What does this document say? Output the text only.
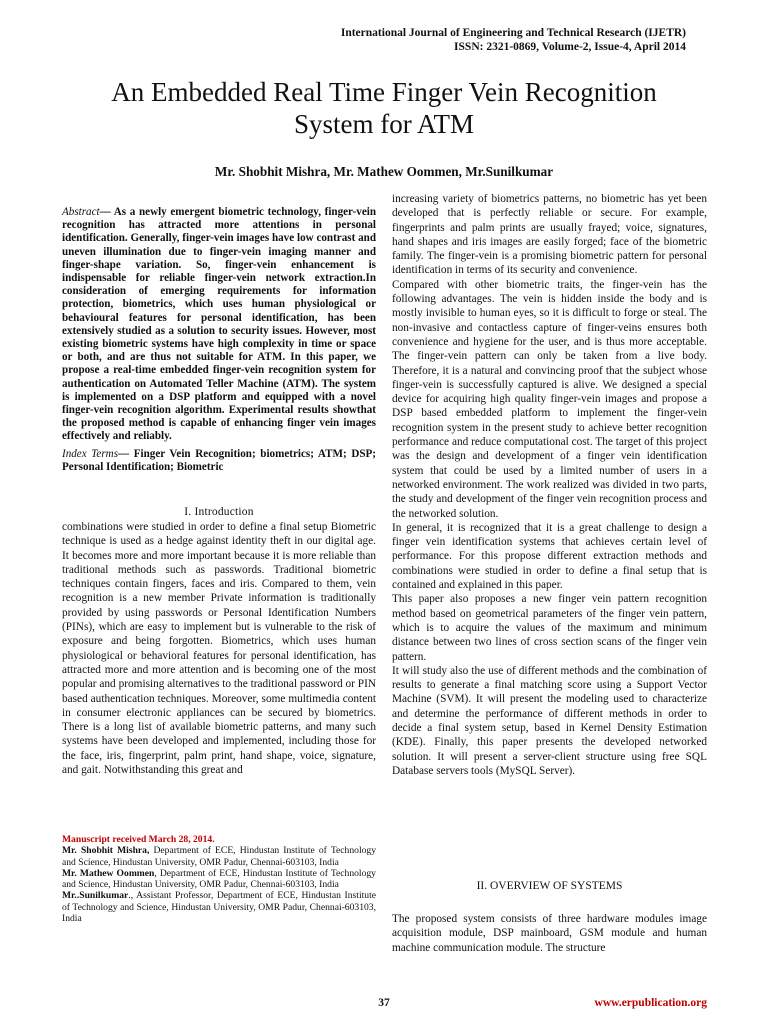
International Journal of Engineering and Technical Research (IJETR)
ISSN: 2321-0869, Volume-2, Issue-4, April 2014
An Embedded Real Time Finger Vein Recognition
System for ATM
Mr. Shobhit Mishra, Mr. Mathew Oommen, Mr.Sunilkumar
Abstract— As a newly emergent biometric technology, finger-vein recognition has attracted more attentions in personal identification. Generally, finger-vein images have low contrast and uneven illumination due to finger-vein imaging manner and finger-shape variation. So, finger-vein enhancement is indispensable for reliable finger-vein network extraction.In consideration of emerging requirements for information protection, biometrics, which uses human physiological or behavioural features for personal identification, has been extensively studied as a solution to security issues. However, most existing biometric systems have high complexity in time or space or both, and are thus not suitable for ATM. In this paper, we propose a real-time embedded finger-vein recognition system for authentication on Automated Teller Machine (ATM). The system is implemented on a DSP platform and equipped with a novel finger-vein recognition algorithm. Experimental results showthat the proposed method is capable of enhancing finger vein images effectively and reliably.
Index Terms— Finger Vein Recognition; biometrics; ATM; DSP; Personal Identification; Biometric
I. Introduction

combinations were studied in order to define a final setup Biometric technique is used as a hedge against identity theft in our digital age. It becomes more and more important because it is more reliable than traditional methods such as passwords. Traditional biometric techniques contain fingers, faces and iris. Compared to them, vein recognition is a new member Private information is traditionally provided by using passwords or Personal Identification Numbers (PINs), which are easy to implement but is vulnerable to the risk of exposure and being forgotten. Biometrics, which uses human physiological or behavioral features for personal identification, has attracted more and more attention and is becoming one of the most popular and promising alternatives to the traditional password or PIN based authentication techniques. Moreover, some multimedia content in consumer electronic appliances can be secured by biometrics. There is a long list of available biometric patterns, and many such systems have been developed and implemented, including those for the face, iris, fingerprint, palm print, hand shape, voice, signature, and gait. Notwithstanding this great and

Manuscript received March 28, 2014.

Mr. Shobhit Mishra, Department of ECE, Hindustan Institute of Technology and Science, Hindustan University, OMR Padur, Chennai-603103, India

Mr. Mathew Oommen, Department of ECE, Hindustan Institute of Technology and Science, Hindustan University, OMR Padur, Chennai-603103, India

Mr..Sunilkumar., Assistant Professor, Department of ECE, Hindustan Institute of Technology and Science, Hindustan University, OMR Padur, Chennai-603103, India

increasing variety of biometrics patterns, no biometric has yet been developed that is perfectly reliable or secure. For example, fingerprints and palm prints are usually frayed; voice, signatures, hand shapes and iris images are easily forged; face of the biometric family. The finger-vein is a promising biometric pattern for personal identification in terms of its security and convenience.

Compared with other biometric traits, the finger-vein has the following advantages. The vein is hidden inside the body and is mostly invisible to human eyes, so it is difficult to forge or steal. The non-invasive and contactless capture of finger-veins ensures both convenience and hygiene for the user, and is thus more acceptable. The finger-vein pattern can only be taken from a live body. Therefore, it is a natural and convincing proof that the subject whose finger-vein is successfully captured is alive. We designed a special device for acquiring high quality finger-vein images and propose a DSP based embedded platform to implement the finger-vein recognition system in the present study to achieve better recognition performance and reduce computational cost. The target of this project was the design and development of a finger vein identification system that could be used by a limited number of users in a networked environment. The work realized was divided in two parts, the study and development of the finger vein recognition process and the networked solution.

In general, it is recognized that it is a great challenge to design a finger vein identification systems that achieves certain level of performance. For this propose different extraction methods and combinations were studied in order to define a final setup that is contained and explained in this paper.

This paper also proposes a new finger vein pattern recognition method based on geometrical parameters of the finger vein pattern, which is to acquire the values of the maximum and minimum distance between two lines of cross section scans of the finger vein pattern.

It will study also the use of different methods and the combination of results to generate a final matching score using a Support Vector Machine (SVM). It will present the modeling used to characterize and determine the performance of different methods in order to decide a final system setup, based in Kernel Density Estimation (KDE). Finally, this paper presents the developed networked solution. It will present a server-client structure using free SQL Database servers tools (MySQL Server).

II. OVERVIEW OF SYSTEMS

The proposed system consists of three hardware modules image acquisition module, DSP mainboard, GSM module and human machine communication module. The structure

37	www.erpublication.org
